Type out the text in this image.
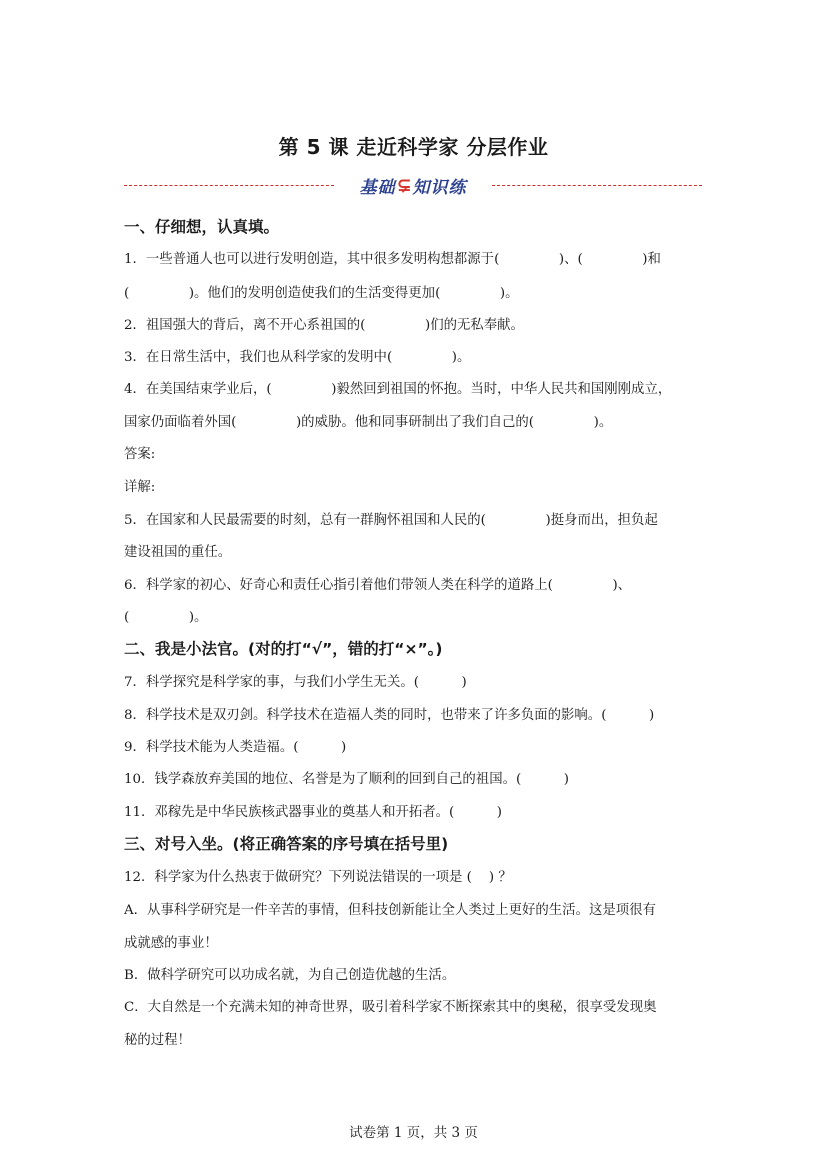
第 5 课 走近科学家 分层作业
基础 ⊊ 知识练
一、仔细想，认真填。
1．一些普通人也可以进行发明创造，其中很多发明构想都源于(              )、(              )和
(              )。他们的发明创造使我们的生活变得更加(              )。
2．祖国强大的背后，离不开心系祖国的(              )们的无私奉献。
3．在日常生活中，我们也从科学家的发明中(              )。
4．在美国结束学业后，(              )毅然回到祖国的怀抱。当时，中华人民共和国刚刚成立，
国家仍面临着外国(              )的威胁。他和同事研制出了我们自己的(              )。
答案:
详解:
5．在国家和人民最需要的时刻，总有一群胸怀祖国和人民的(              )挺身而出，担负起
建设祖国的重任。
6．科学家的初心、好奇心和责任心指引着他们带领人类在科学的道路上(              )、
(              )。
二、我是小法官。(对的打“√”，错的打“×”。)
7．科学探究是科学家的事，与我们小学生无关。(          )
8．科学技术是双刃剑。科学技术在造福人类的同时，也带来了许多负面的影响。(          )
9．科学技术能为人类造福。(          )
10．钱学森放弃美国的地位、名誉是为了顺利的回到自己的祖国。(          )
11．邓稼先是中华民族核武器事业的奠基人和开拓者。(          )
三、对号入坐。(将正确答案的序号填在括号里)
12．科学家为什么热衷于做研究？下列说法错误的一项是 (    ) ？
A．从事科学研究是一件辛苦的事情，但科技创新能让全人类过上更好的生活。这是项很有
成就感的事业！
B．做科学研究可以功成名就，为自己创造优越的生活。
C．大自然是一个充满未知的神奇世界，吸引着科学家不断探索其中的奥秘，很享受发现奥
秘的过程！
试卷第 1 页，共 3 页
